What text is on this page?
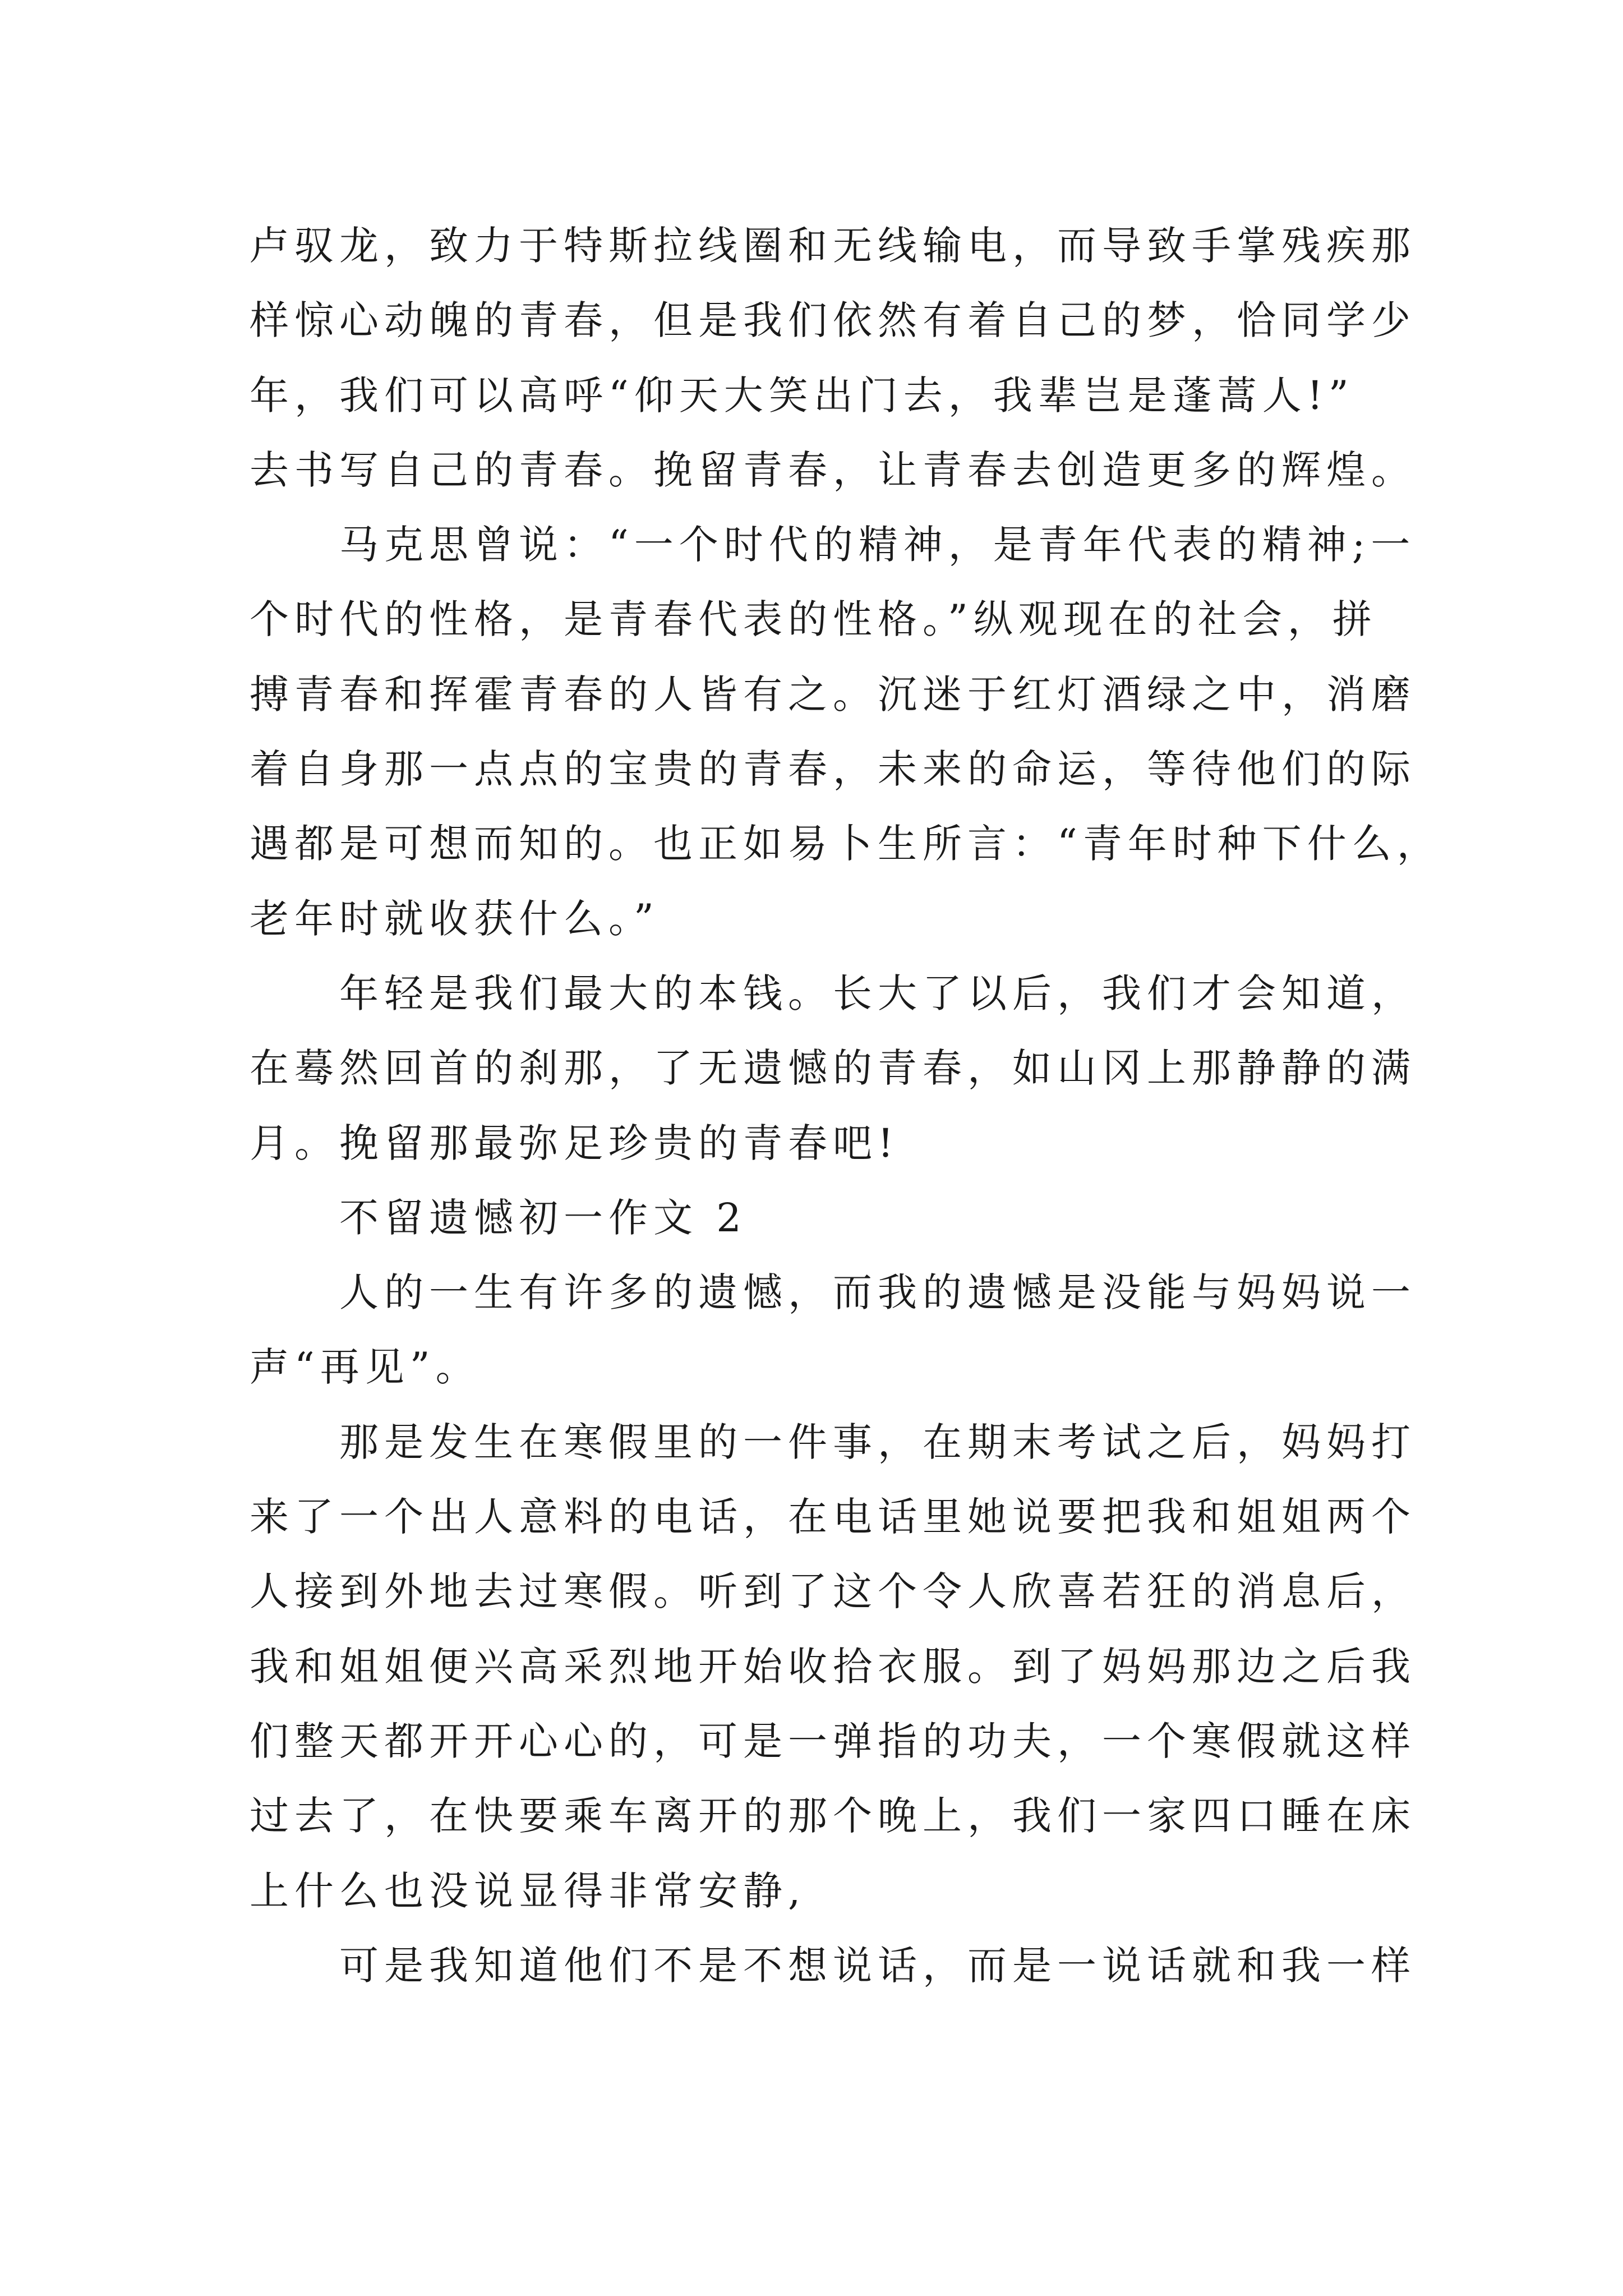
卢驭龙，致力于特斯拉线圈和无线输电，而导致手掌残疾那
样惊心动魄的青春，但是我们依然有着自己的梦，恰同学少
年，我们可以高呼“仰天大笑出门去，我辈岂是蓬蒿人!”
去书写自己的青春。挽留青春，让青春去创造更多的辉煌。
马克思曾说：“一个时代的精神，是青年代表的精神;一
个时代的性格，是青春代表的性格。”纵观现在的社会，拼
搏青春和挥霍青春的人皆有之。沉迷于红灯酒绿之中，消磨
着自身那一点点的宝贵的青春，未来的命运，等待他们的际
遇都是可想而知的。也正如易卜生所言：“青年时种下什么，
老年时就收获什么。”
年轻是我们最大的本钱。长大了以后，我们才会知道，
在蓦然回首的刹那，了无遗憾的青春，如山冈上那静静的满
月。挽留那最弥足珍贵的青春吧!
不留遗憾初一作文 2
人的一生有许多的遗憾，而我的遗憾是没能与妈妈说一
声“再见”。
那是发生在寒假里的一件事，在期末考试之后，妈妈打
来了一个出人意料的电话，在电话里她说要把我和姐姐两个
人接到外地去过寒假。听到了这个令人欣喜若狂的消息后，
我和姐姐便兴高采烈地开始收拾衣服。到了妈妈那边之后我
们整天都开开心心的，可是一弹指的功夫，一个寒假就这样
过去了，在快要乘车离开的那个晚上，我们一家四口睡在床
上什么也没说显得非常安静,
可是我知道他们不是不想说话，而是一说话就和我一样
